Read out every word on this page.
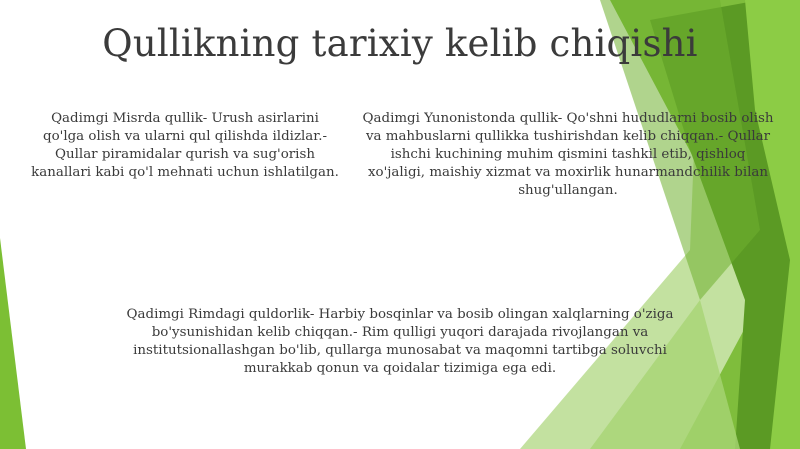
Qullikning tarixiy kelib chiqishi

Qadimgi Misrda qullik- Urush asirlarini qo'lga olish va ularni qul qilishda ildizlar.- Qullar piramidalar qurish va sug'orish kanallari kabi qo'l mehnati uchun ishlatilgan.

Qadimgi Yunonistonda qullik- Qo'shni hududlarni bosib olish va mahbuslarni qullikka tushirishdan kelib chiqqan.- Qullar ishchi kuchining muhim qismini tashkil etib, qishloq xo'jaligi, maishiy xizmat va moxirlik hunarmandchilik bilan shug'ullangan.

Qadimgi Rimdagi quldorlik- Harbiy bosqinlar va bosib olingan xalqlarning o'ziga bo'ysunishidan kelib chiqqan.- Rim qulligi yuqori darajada rivojlangan va institutsionallashgan bo'lib, qullarga munosabat va maqomni tartibga soluvchi murakkab qonun va qoidalar tizimiga ega edi.
